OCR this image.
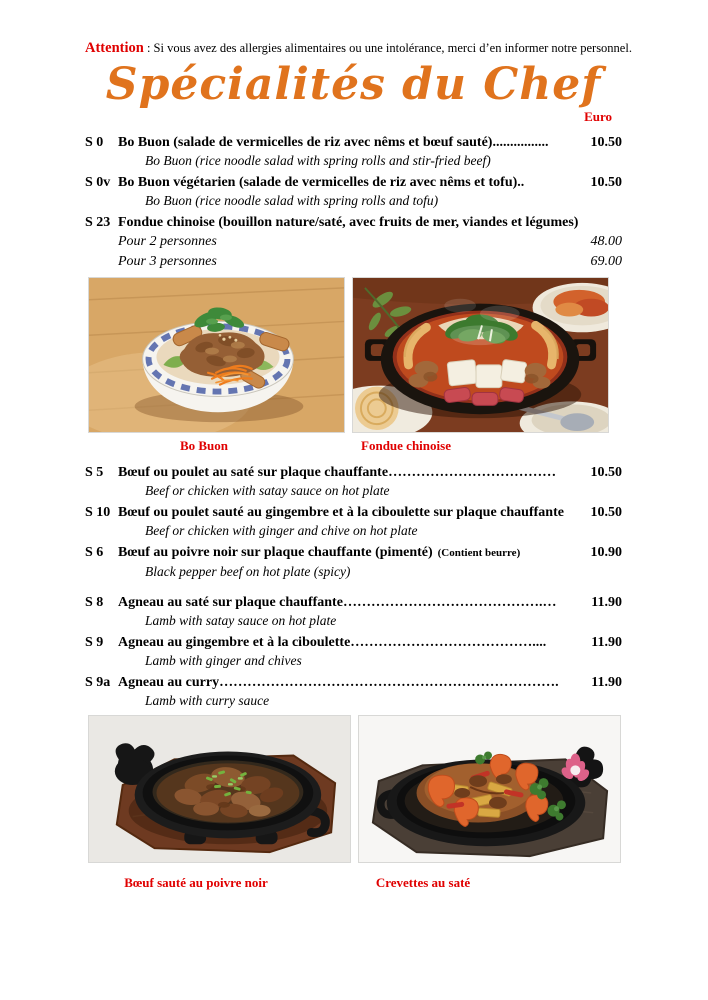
Attention : Si vous avez des allergies alimentaires ou une intolérance, merci d’en informer notre personnel.
Spécialités du Chef
Euro
S 0	Bo Buon (salade de vermicelles de riz avec nêms et bœuf sauté) ................	10.50
Bo Buon (rice noodle salad with spring rolls and stir-fried beef)
S 0v Bo Buon végétarien (salade de vermicelles de riz avec nêms et tofu) ..	10.50
Bo Buon (rice noodle salad with spring rolls and tofu)
S 23 Fondue chinoise (bouillon nature/saté, avec fruits de mer, viandes et légumes)
Pour 2 personnes	48.00
Pour 3 personnes	69.00
Bo Buon	Fondue chinoise
S 5	Bœuf ou poulet au saté sur plaque chauffante ………………………………	10.50
Beef or chicken with satay sauce on hot plate
S 10 Bœuf ou poulet sauté au gingembre et à la ciboulette sur plaque chauffante	10.50
Beef or chicken with ginger and chive on hot plate
S 6	Bœuf au poivre noir sur plaque chauffante (pimenté) (Contient beurre)	10.90
Black pepper beef on hot plate (spicy)
S 8	Agneau au saté sur plaque chauffante …………………………………….…	11.90
Lamb with satay sauce on hot plate
S 9	Agneau au gingembre et à la ciboulette …………………………………....	11.90
Lamb with ginger and chives
S 9a Agneau au curry ……………………………………………………………….	11.90
Lamb with curry sauce
Bœuf sauté au poivre noir	Crevettes au saté
